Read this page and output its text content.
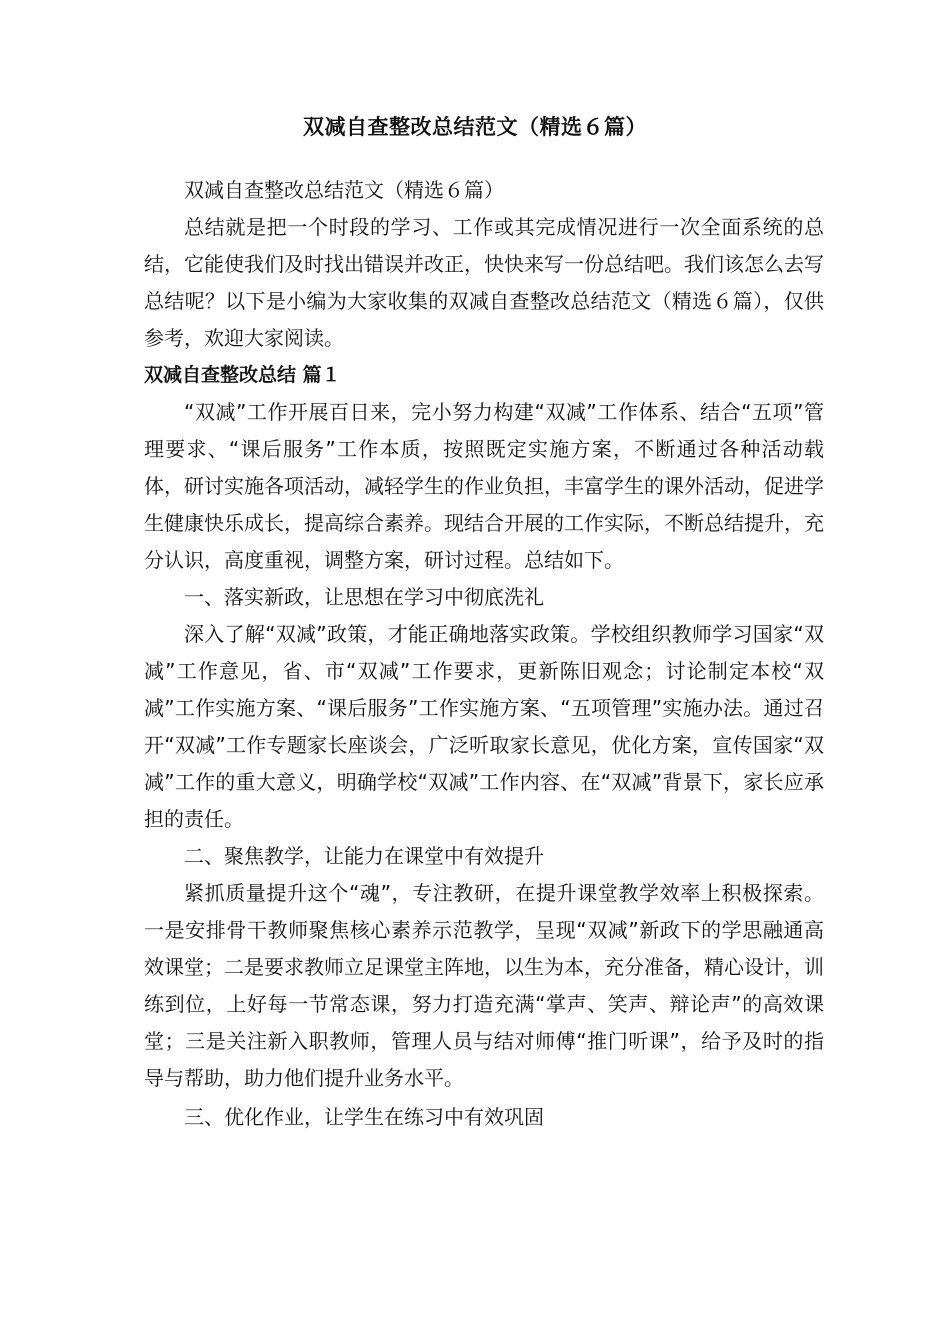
双减自查整改总结范文（精选６篇）

双减自查整改总结范文（精选６篇）

总结就是把一个时段的学习、工作或其完成情况进行一次全面系统的总结，它能使我们及时找出错误并改正，快快来写一份总结吧。我们该怎么去写总结呢？以下是小编为大家收集的双减自查整改总结范文（精选６篇），仅供参考，欢迎大家阅读。

双减自查整改总结 篇１

“双减”工作开展百日来，完小努力构建“双减”工作体系、结合“五项”管理要求、“课后服务”工作本质，按照既定实施方案，不断通过各种活动载体，研讨实施各项活动，减轻学生的作业负担，丰富学生的课外活动，促进学生健康快乐成长，提高综合素养。现结合开展的工作实际，不断总结提升，充分认识，高度重视，调整方案，研讨过程。总结如下。

一、落实新政，让思想在学习中彻底洗礼

深入了解“双减”政策，才能正确地落实政策。学校组织教师学习国家“双减”工作意见，省、市“双减”工作要求，更新陈旧观念；讨论制定本校“双减”工作实施方案、“课后服务”工作实施方案、“五项管理”实施办法。通过召开“双减”工作专题家长座谈会，广泛听取家长意见，优化方案，宣传国家“双减”工作的重大意义，明确学校“双减”工作内容、在“双减”背景下，家长应承担的责任。

二、聚焦教学，让能力在课堂中有效提升

紧抓质量提升这个“魂”，专注教研，在提升课堂教学效率上积极探索。一是安排骨干教师聚焦核心素养示范教学，呈现“双减”新政下的学思融通高效课堂；二是要求教师立足课堂主阵地，以生为本，充分准备，精心设计，训练到位，上好每一节常态课，努力打造充满“掌声、笑声、辩论声”的高效课堂；三是关注新入职教师，管理人员与结对师傅“推门听课”，给予及时的指导与帮助，助力他们提升业务水平。

三、优化作业，让学生在练习中有效巩固
